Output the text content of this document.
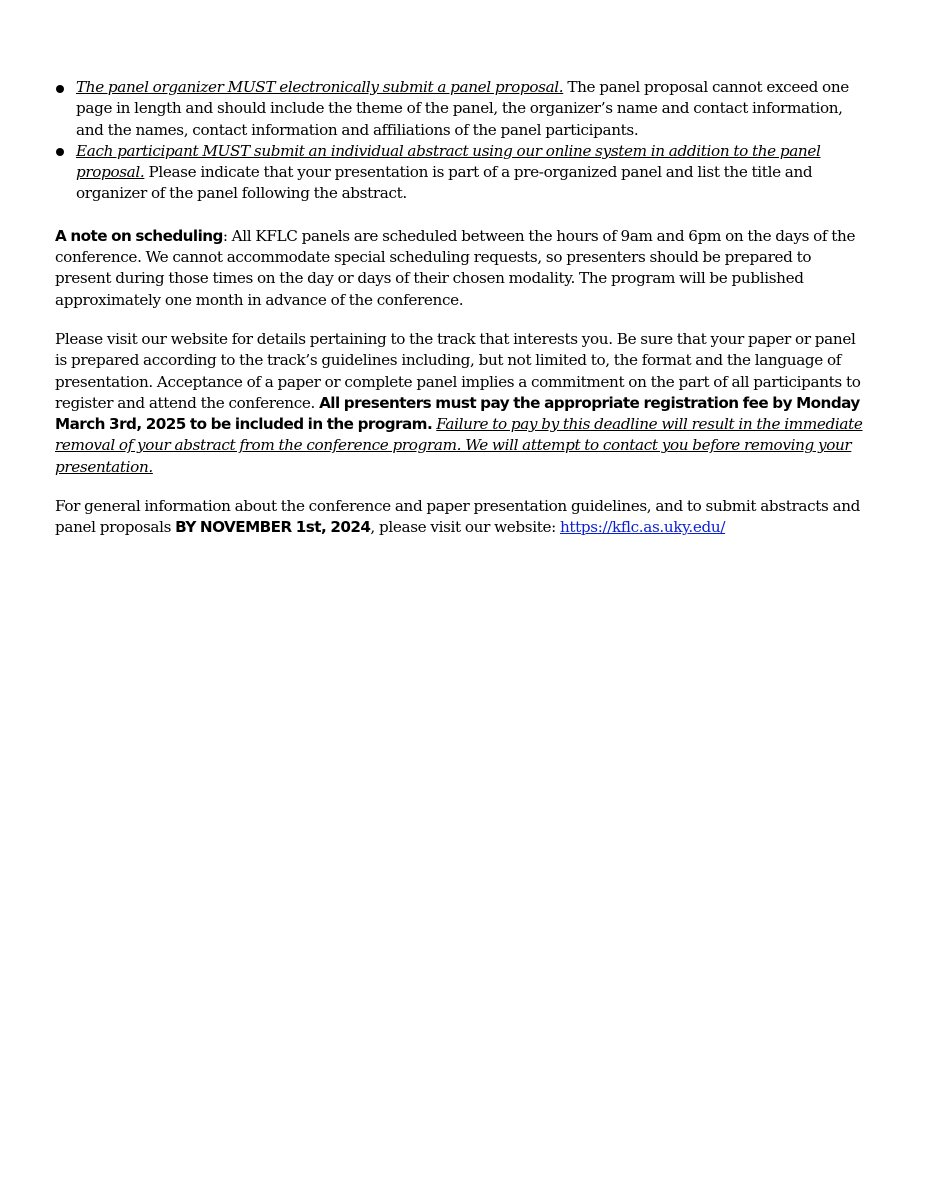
The panel organizer MUST electronically submit a panel proposal. The panel proposal cannot exceed one page in length and should include the theme of the panel, the organizer’s name and contact information, and the names, contact information and affiliations of the panel participants.
Each participant MUST submit an individual abstract using our online system in addition to the panel proposal. Please indicate that your presentation is part of a pre-organized panel and list the title and organizer of the panel following the abstract.

A note on scheduling: All KFLC panels are scheduled between the hours of 9am and 6pm on the days of the conference. We cannot accommodate special scheduling requests, so presenters should be prepared to present during those times on the day or days of their chosen modality. The program will be published approximately one month in advance of the conference.

Please visit our website for details pertaining to the track that interests you. Be sure that your paper or panel is prepared according to the track’s guidelines including, but not limited to, the format and the language of presentation. Acceptance of a paper or complete panel implies a commitment on the part of all participants to register and attend the conference. All presenters must pay the appropriate registration fee by Monday March 3rd, 2025 to be included in the program. Failure to pay by this deadline will result in the immediate removal of your abstract from the conference program. We will attempt to contact you before removing your presentation.

For general information about the conference and paper presentation guidelines, and to submit abstracts and panel proposals BY NOVEMBER 1st, 2024, please visit our website: https://kflc.as.uky.edu/
